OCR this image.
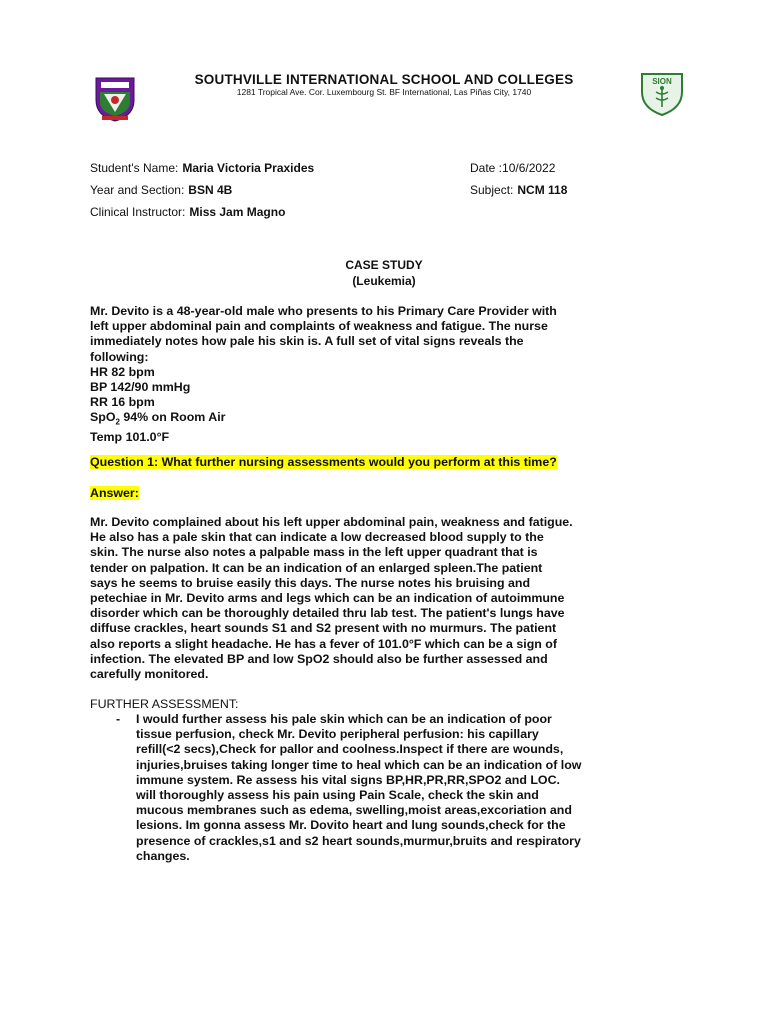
SOUTHVILLE INTERNATIONAL SCHOOL AND COLLEGES
1281 Tropical Ave. Cor. Luxembourg St. BF International, Las Piñas City, 1740
SION
Student's Name: Maria Victoria Praxides	Date :10/6/2022
Year and Section: BSN 4B	Subject: NCM 118
Clinical Instructor: Miss Jam Magno
CASE STUDY
(Leukemia)

Mr. Devito is a 48-year-old male who presents to his Primary Care Provider with

left upper abdominal pain and complaints of weakness and fatigue. The nurse

immediately notes how pale his skin is. A full set of vital signs reveals the

following:

HR 82 bpm

BP 142/90 mmHg

RR 16 bpm

SpO$_2$ 94% on Room Air

Temp 101.0°F

Question 1: What further nursing assessments would you perform at this time?

Answer:

Mr. Devito complained about his left upper abdominal pain, weakness and fatigue.

He also has a pale skin that can indicate a low decreased blood supply to the

skin. The nurse also notes a palpable mass in the left upper quadrant that is

tender on palpation. It can be an indication of an enlarged spleen.The patient

says he seems to bruise easily this days. The nurse notes his bruising and

petechiae in Mr. Devito arms and legs which can be an indication of autoimmune

disorder which can be thoroughly detailed thru lab test. The patient's lungs have

diffuse crackles, heart sounds S1 and S2 present with no murmurs. The patient

also reports a slight headache. He has a fever of 101.0°F which can be a sign of

infection. The elevated BP and low SpO2 should also be further assessed and

carefully monitored.

FURTHER ASSESSMENT:

- I would further assess his pale skin which can be an indication of poor

tissue perfusion, check Mr. Devito peripheral perfusion: his capillary

refill(<2 secs),Check for pallor and coolness.Inspect if there are wounds,

injuries,bruises taking longer time to heal which can be an indication of low

immune system. Re assess his vital signs BP,HR,PR,RR,SPO2 and LOC.

will thoroughly assess his pain using Pain Scale, check the skin and

mucous membranes such as edema, swelling,moist areas,excoriation and

lesions. Im gonna assess Mr. Dovito heart and lung sounds,check for the

presence of crackles,s1 and s2 heart sounds,murmur,bruits and respiratory

changes.
